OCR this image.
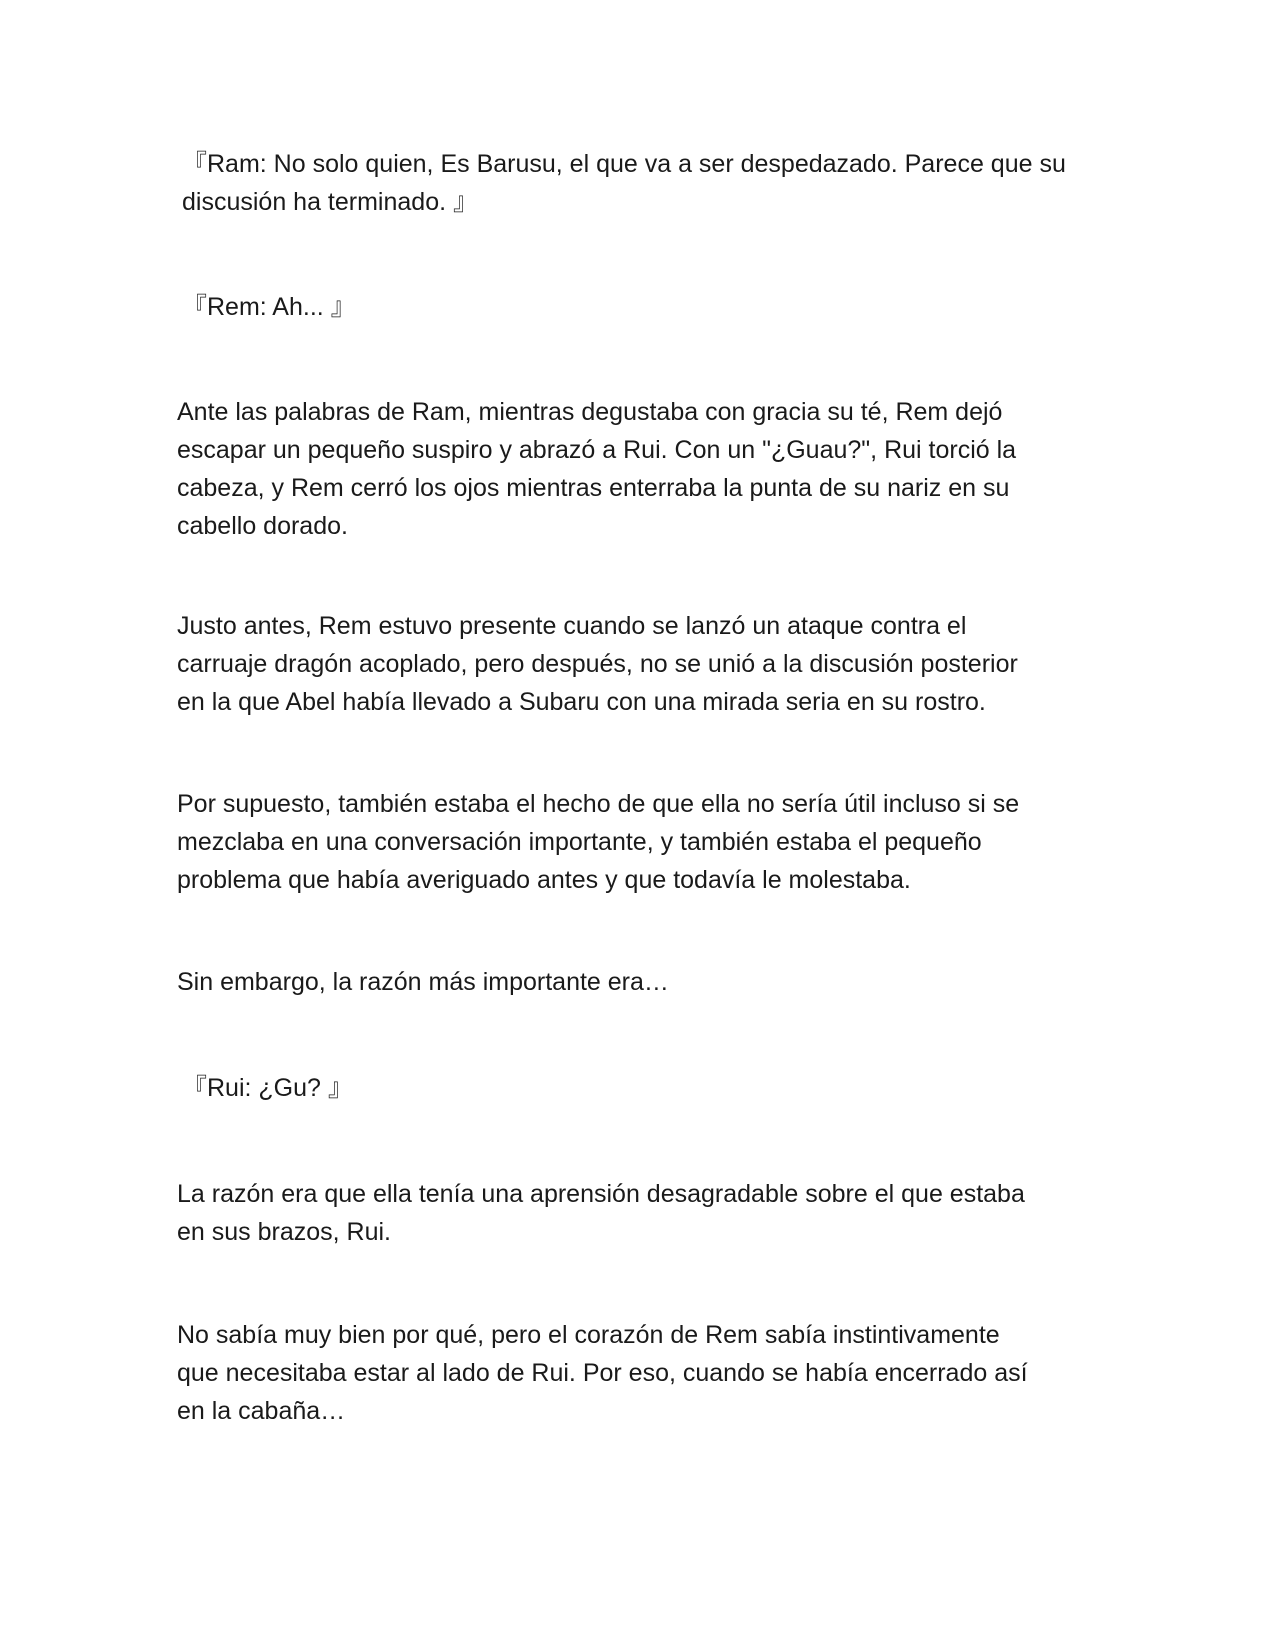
『Ram: No solo quien, Es Barusu, el que va a ser despedazado. Parece que su
discusión ha terminado. 』

『Rem: Ah... 』

Ante las palabras de Ram, mientras degustaba con gracia su té, Rem dejó
escapar un pequeño suspiro y abrazó a Rui. Con un "¿Guau?", Rui torció la
cabeza, y Rem cerró los ojos mientras enterraba la punta de su nariz en su
cabello dorado.

Justo antes, Rem estuvo presente cuando se lanzó un ataque contra el
carruaje dragón acoplado, pero después, no se unió a la discusión posterior
en la que Abel había llevado a Subaru con una mirada seria en su rostro.

Por supuesto, también estaba el hecho de que ella no sería útil incluso si se
mezclaba en una conversación importante, y también estaba el pequeño
problema que había averiguado antes y que todavía le molestaba.

Sin embargo, la razón más importante era…

『Rui: ¿Gu? 』

La razón era que ella tenía una aprensión desagradable sobre el que estaba
en sus brazos, Rui.

No sabía muy bien por qué, pero el corazón de Rem sabía instintivamente
que necesitaba estar al lado de Rui. Por eso, cuando se había encerrado así
en la cabaña…
